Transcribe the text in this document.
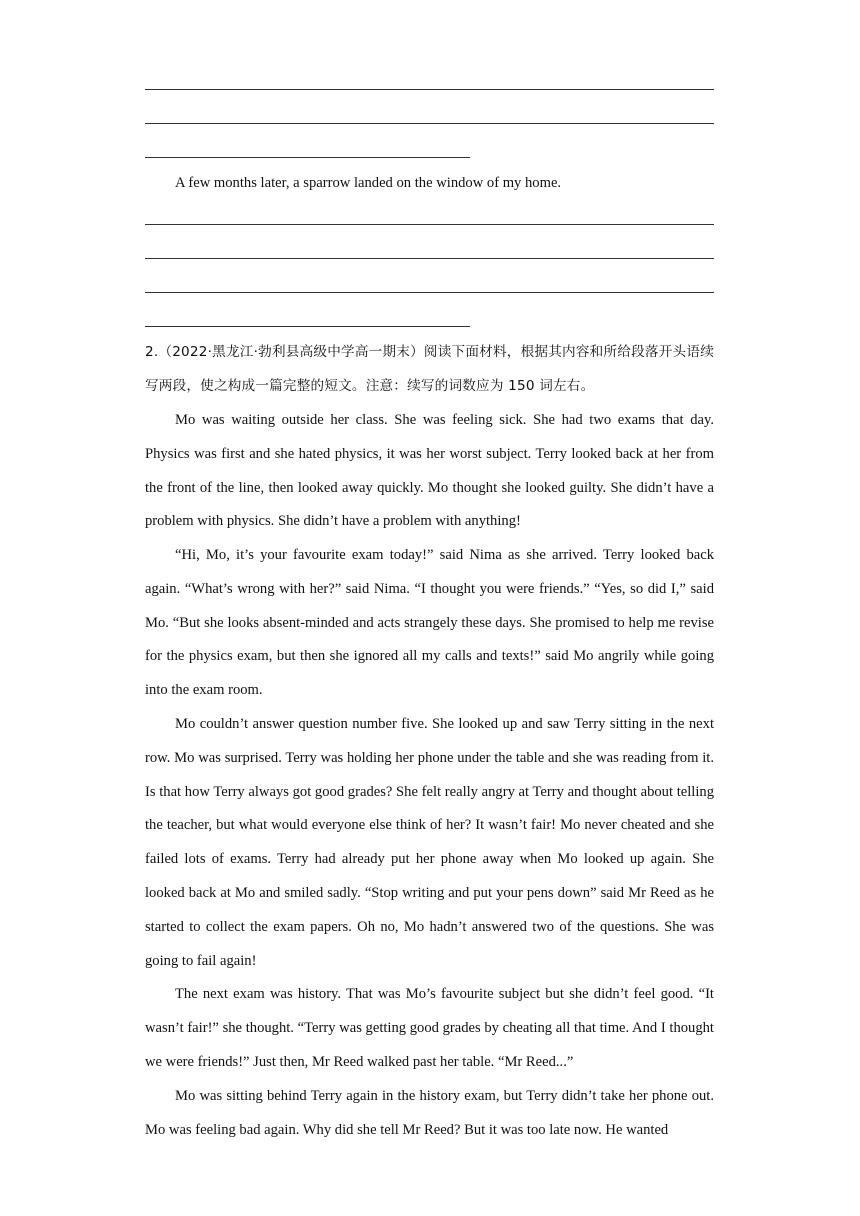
A few months later, a sparrow landed on the window of my home.

2.（2022·黑龙江·勃利县高级中学高一期末）阅读下面材料，根据其内容和所给段落开头语续写两段，使之构成一篇完整的短文。注意：续写的词数应为 150 词左右。

Mo was waiting outside her class. She was feeling sick. She had two exams that day. Physics was first and she hated physics, it was her worst subject. Terry looked back at her from the front of the line, then looked away quickly. Mo thought she looked guilty. She didn’t have a problem with physics. She didn’t have a problem with anything!

“Hi, Mo, it’s your favourite exam today!” said Nima as she arrived. Terry looked back again. “What’s wrong with her?” said Nima. “I thought you were friends.” “Yes, so did I,” said Mo. “But she looks absent-minded and acts strangely these days. She promised to help me revise for the physics exam, but then she ignored all my calls and texts!” said Mo angrily while going into the exam room.

Mo couldn’t answer question number five. She looked up and saw Terry sitting in the next row. Mo was surprised. Terry was holding her phone under the table and she was reading from it. Is that how Terry always got good grades? She felt really angry at Terry and thought about telling the teacher, but what would everyone else think of her? It wasn’t fair! Mo never cheated and she failed lots of exams. Terry had already put her phone away when Mo looked up again. She looked back at Mo and smiled sadly. “Stop writing and put your pens down” said Mr Reed as he started to collect the exam papers. Oh no, Mo hadn’t answered two of the questions. She was going to fail again!

The next exam was history. That was Mo’s favourite subject but she didn’t feel good. “It wasn’t fair!” she thought. “Terry was getting good grades by cheating all that time. And I thought we were friends!” Just then, Mr Reed walked past her table. “Mr Reed...”

Mo was sitting behind Terry again in the history exam, but Terry didn’t take her phone out. Mo was feeling bad again. Why did she tell Mr Reed? But it was too late now. He wanted
